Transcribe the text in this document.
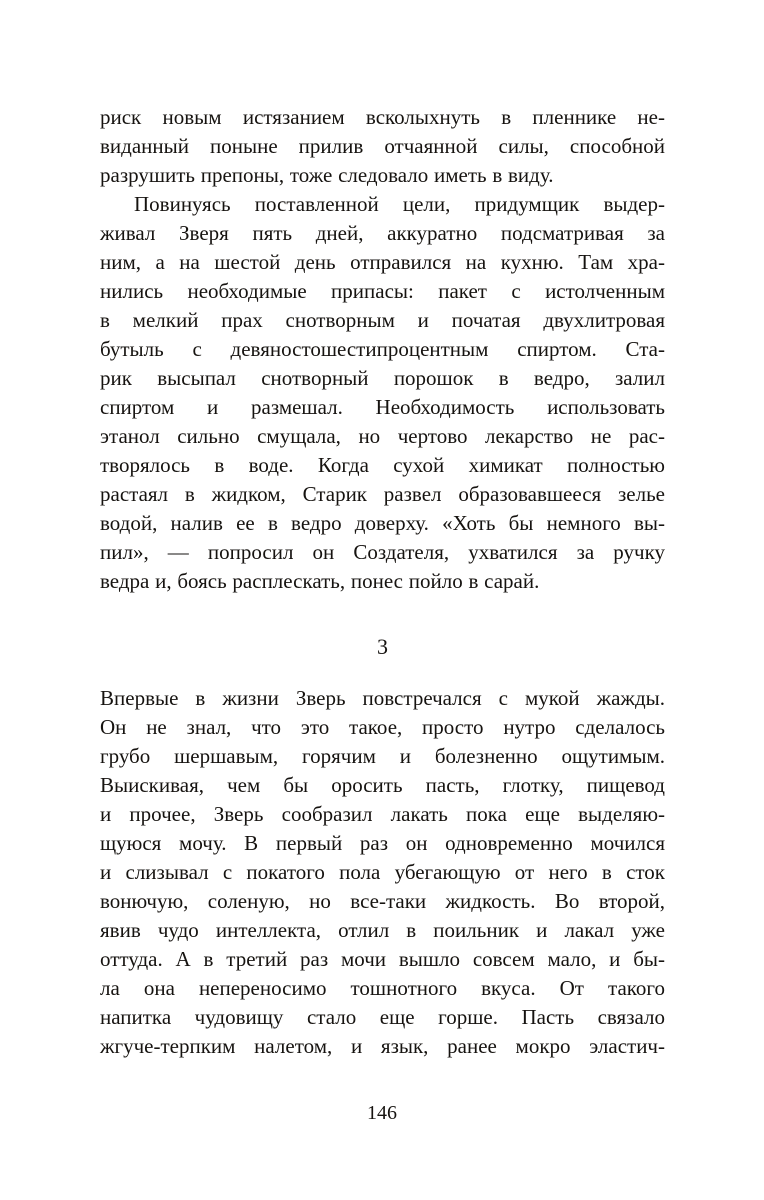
риск новым истязанием всколыхнуть в пленнике не-
виданный поныне прилив отчаянной силы, способной
разрушить препоны, тоже следовало иметь в виду.
Повинуясь поставленной цели, придумщик выдер-
живал Зверя пять дней, аккуратно подсматривая за
ним, а на шестой день отправился на кухню. Там хра-
нились необходимые припасы: пакет с истолченным
в мелкий прах снотворным и початая двухлитровая
бутыль с девяностошестипроцентным спиртом. Ста-
рик высыпал снотворный порошок в ведро, залил
спиртом и размешал. Необходимость использовать
этанол сильно смущала, но чертово лекарство не рас-
творялось в воде. Когда сухой химикат полностью
растаял в жидком, Старик развел образовавшееся зелье
водой, налив ее в ведро доверху. «Хоть бы немного вы-
пил», — попросил он Создателя, ухватился за ручку
ведра и, боясь расплескать, понес пойло в сарай.
3
Впервые в жизни Зверь повстречался с мукой жажды.
Он не знал, что это такое, просто нутро сделалось
грубо шершавым, горячим и болезненно ощутимым.
Выискивая, чем бы оросить пасть, глотку, пищевод
и прочее, Зверь сообразил лакать пока еще выделяю-
щуюся мочу. В первый раз он одновременно мочился
и слизывал с покатого пола убегающую от него в сток
вонючую, соленую, но все-таки жидкость. Во второй,
явив чудо интеллекта, отлил в поильник и лакал уже
оттуда. А в третий раз мочи вышло совсем мало, и бы-
ла она непереносимо тошнотного вкуса. От такого
напитка чудовищу стало еще горше. Пасть связало
жгуче-терпким налетом, и язык, ранее мокро эластич-
146
